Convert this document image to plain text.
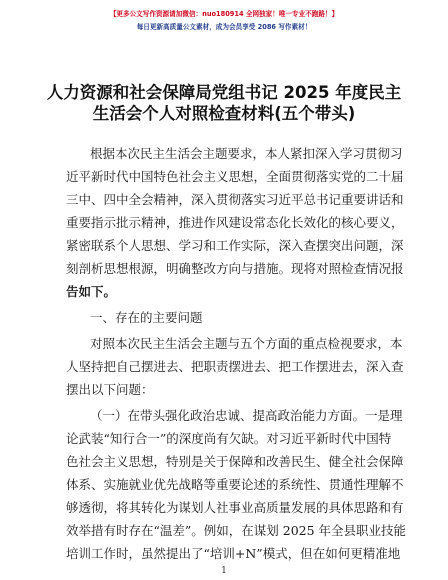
【更多公文写作资源请加微信：nuo180914 全网独家！唯一专业不跑路！】
每日更新高质量公文素材，成为会员享受 2086 写作素材！
人力资源和社会保障局党组书记 2025 年度民主
生活会个人对照检查材料(五个带头)
根据本次民主生活会主题要求，本人紧扣深入学习贯彻习
近平新时代中国特色社会主义思想，全面贯彻落实党的二十届
三中、四中全会精神，深入贯彻落实习近平总书记重要讲话和
重要指示批示精神，推进作风建设常态化长效化的核心要义，
紧密联系个人思想、学习和工作实际，深入查摆突出问题，深
刻剖析思想根源，明确整改方向与措施。现将对照检查情况报
告如下。
一、存在的主要问题
对照本次民主生活会主题与五个方面的重点检视要求，本
人坚持把自己摆进去、把职责摆进去、把工作摆进去，深入查
摆出以下问题：
（一）在带头强化政治忠诚、提高政治能力方面。一是理
论武装“知行合一”的深度尚有欠缺。对习近平新时代中国特
色社会主义思想，特别是关于保障和改善民生、健全社会保障
体系、实施就业优先战略等重要论述的系统性、贯通性理解不
够透彻，将其转化为谋划人社事业高质量发展的具体思路和有
效举措有时存在“温差”。例如，在谋划 2025 年全县职业技能
培训工作时，虽然提出了“培训+N”模式，但在如何更精准地
1
